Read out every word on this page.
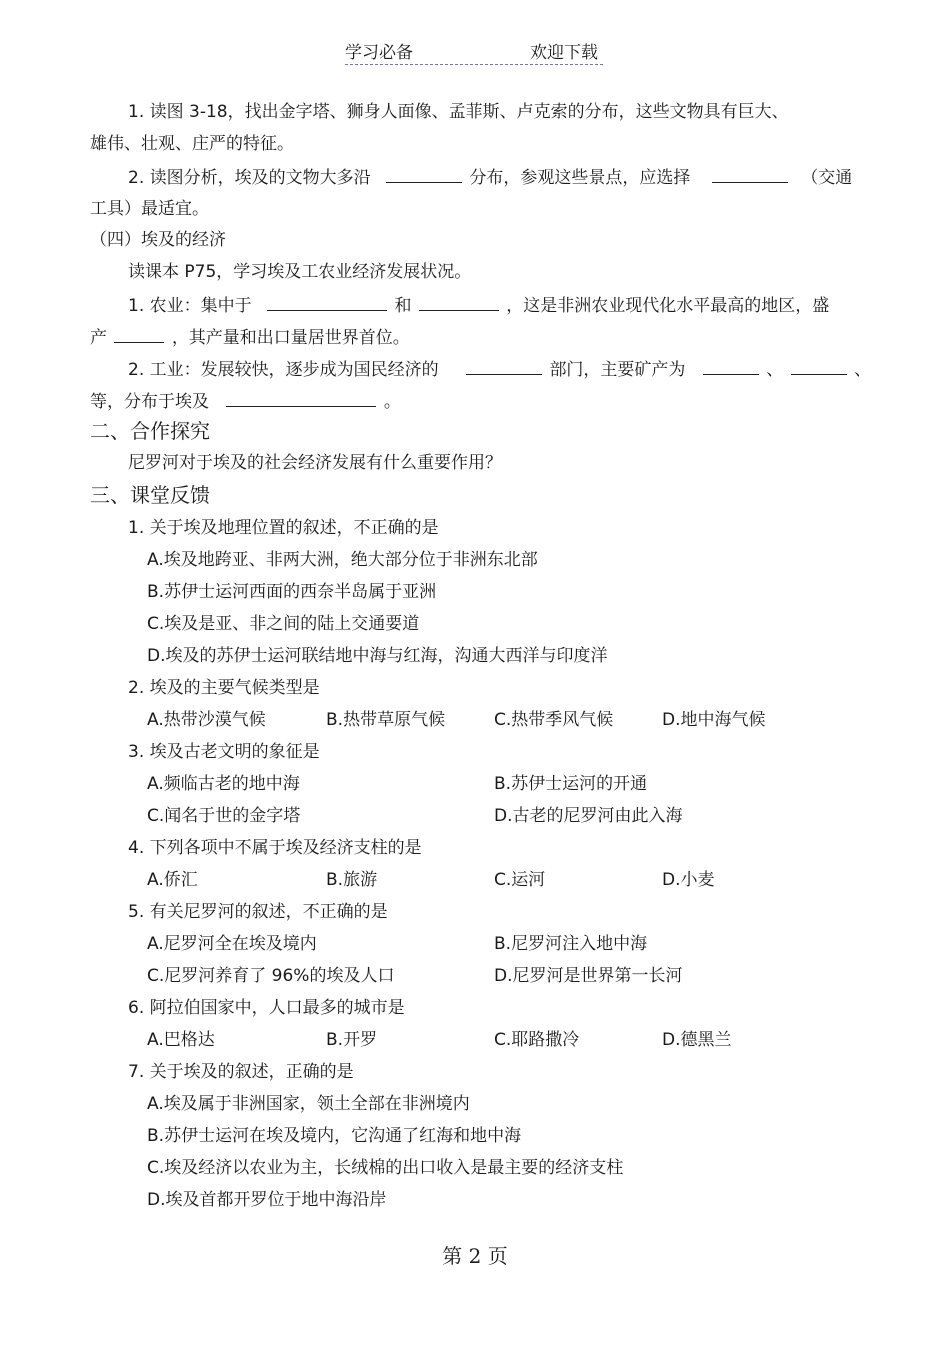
学习必备	欢迎下载
1. 读图 3-18，找出金字塔、狮身人面像、孟菲斯、卢克索的分布，这些文物具有巨大、
雄伟、壮观、庄严的特征。
2. 读图分析，埃及的文物大多沿	分布，参观这些景点，应选择	（交通
工具）最适宜。
（四）埃及的经济
读课本 P75，学习埃及工农业经济发展状况。
1. 农业：集中于	和	，这是非洲农业现代化水平最高的地区，盛
产	，其产量和出口量居世界首位。
2. 工业：发展较快，逐步成为国民经济的	部门，主要矿产为	、	、
等，分布于埃及	。
二、合作探究
尼罗河对于埃及的社会经济发展有什么重要作用？
三、课堂反馈
1. 关于埃及地理位置的叙述，不正确的是
A.埃及地跨亚、非两大洲，绝大部分位于非洲东北部
B.苏伊士运河西面的西奈半岛属于亚洲
C.埃及是亚、非之间的陆上交通要道
D.埃及的苏伊士运河联结地中海与红海，沟通大西洋与印度洋
2. 埃及的主要气候类型是
A.热带沙漠气候	B.热带草原气候	C.热带季风气候	D.地中海气候
3. 埃及古老文明的象征是
A.频临古老的地中海	B.苏伊士运河的开通
C.闻名于世的金字塔	D.古老的尼罗河由此入海
4. 下列各项中不属于埃及经济支柱的是
A.侨汇	B.旅游	C.运河	D.小麦
5. 有关尼罗河的叙述，不正确的是
A.尼罗河全在埃及境内	B.尼罗河注入地中海
C.尼罗河养育了 96%的埃及人口	D.尼罗河是世界第一长河
6. 阿拉伯国家中，人口最多的城市是
A.巴格达	B.开罗	C.耶路撒冷	D.德黑兰
7. 关于埃及的叙述，正确的是
A.埃及属于非洲国家，领土全部在非洲境内
B.苏伊士运河在埃及境内，它沟通了红海和地中海
C.埃及经济以农业为主，长绒棉的出口收入是最主要的经济支柱
D.埃及首都开罗位于地中海沿岸
第 2 页
